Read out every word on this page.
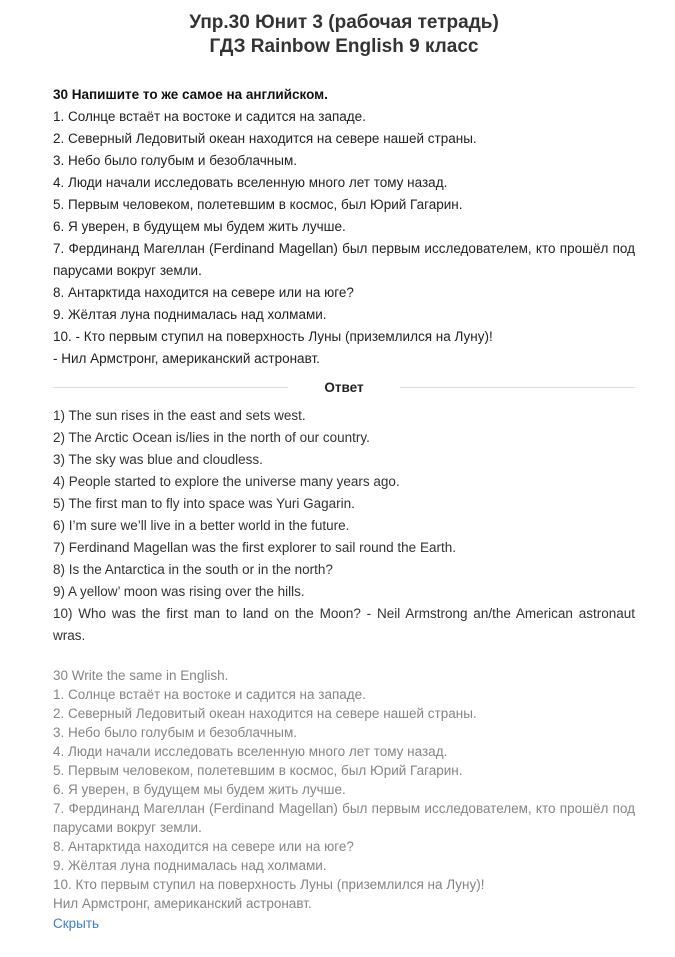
Упр.30 Юнит 3 (рабочая тетрадь)
ГДЗ Rainbow English 9 класс
30 Напишите то же самое на английском.

1. Солнце встаёт на востоке и садится на западе.

2. Северный Ледовитый океан находится на севере нашей страны.

3. Небо было голубым и безоблачным.

4. Люди начали исследовать вселенную много лет тому назад.

5. Первым человеком, полетевшим в космос, был Юрий Гагарин.

6. Я уверен, в будущем мы будем жить лучше.

7. Фердинанд Магеллан (Ferdinand Magellan) был первым исследователем, кто прошёл под парусами вокруг земли.

8. Антарктида находится на севере или на юге?

9. Жёлтая луна поднималась над холмами.

10. - Кто первым ступил на поверхность Луны (приземлился на Луну)!

- Нил Армстронг, американский астронавт.

Ответ

1) The sun rises in the east and sets west.

2) The Arctic Ocean is/lies in the north of our country.

3) The sky was blue and cloudless.

4) People started to explore the universe many years ago.

5) The first man to fly into space was Yuri Gagarin.

6) I’m sure we’ll live in a better world in the future.

7) Ferdinand Magellan was the first explorer to sail round the Earth.

8) Is the Antarctica in the south or in the north?

9) A yellow’ moon was rising over the hills.

10) Who was the first man to land on the Moon? - Neil Armstrong an/the American astronaut wras.

30 Write the same in English.

1. Солнце встаёт на востоке и садится на западе.

2. Северный Ледовитый океан находится на севере нашей страны.

3. Небо было голубым и безоблачным.

4. Люди начали исследовать вселенную много лет тому назад.

5. Первым человеком, полетевшим в космос, был Юрий Гагарин.

6. Я уверен, в будущем мы будем жить лучше.

7. Фердинанд Магеллан (Ferdinand Magellan) был первым исследователем, кто прошёл под парусами вокруг земли.

8. Антарктида находится на севере или на юге?

9. Жёлтая луна поднималась над холмами.

10. Кто первым ступил на поверхность Луны (приземлился на Луну)!

Нил Армстронг, американский астронавт.

Скрыть
